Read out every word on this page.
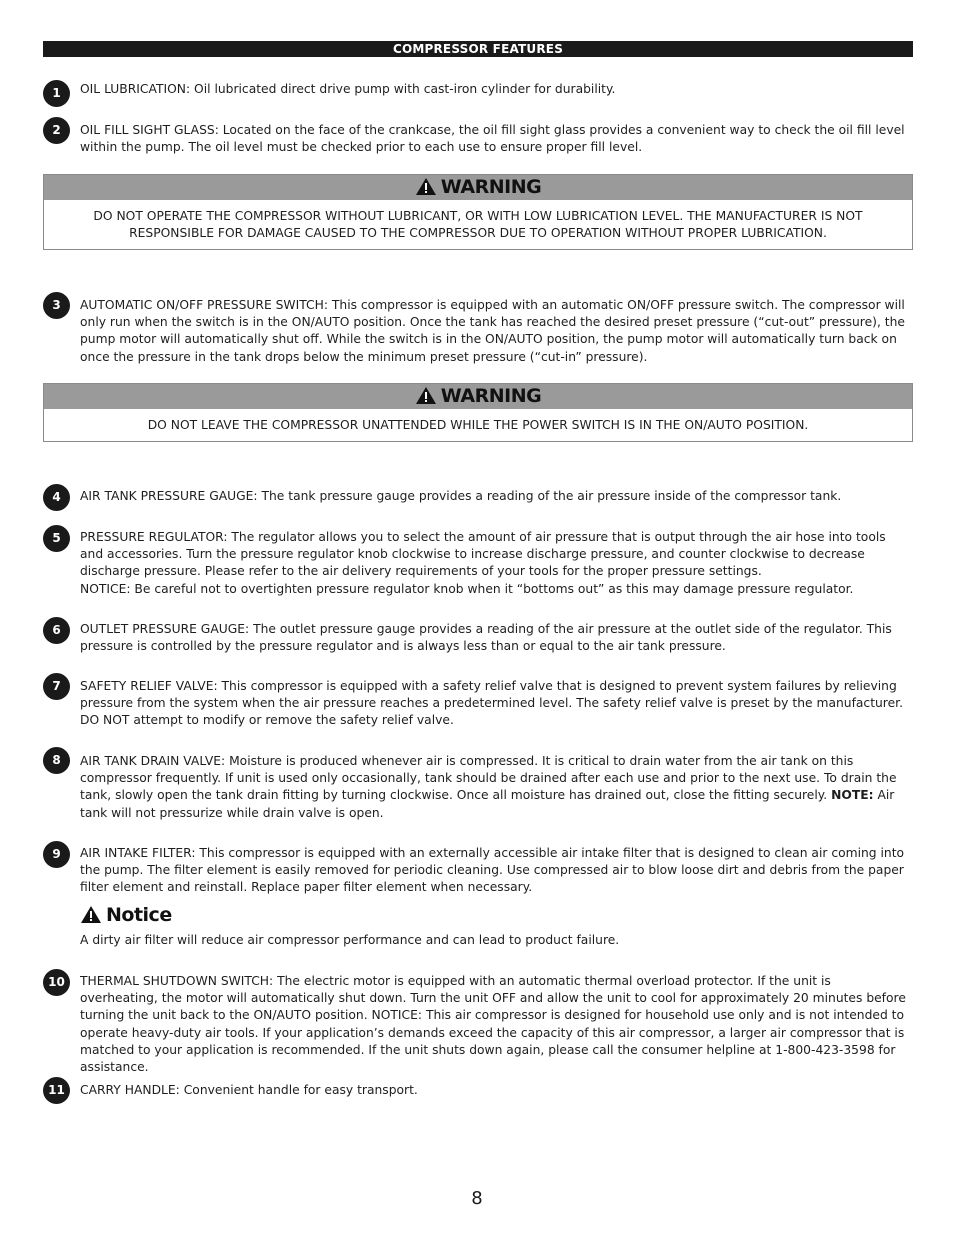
COMPRESSOR FEATURES
1	OIL LUBRICATION: Oil lubricated direct drive pump with cast-iron cylinder for durability.

2	OIL FILL SIGHT GLASS: Located on the face of the crankcase, the oil fill sight glass provides a convenient way to check the oil fill level within the pump. The oil level must be checked prior to each use to ensure proper fill level.

WARNING
DO NOT OPERATE THE COMPRESSOR WITHOUT LUBRICANT, OR WITH LOW LUBRICATION LEVEL. THE MANUFACTURER IS NOT RESPONSIBLE FOR DAMAGE CAUSED TO THE COMPRESSOR DUE TO OPERATION WITHOUT PROPER LUBRICATION.
3	AUTOMATIC ON/OFF PRESSURE SWITCH: This compressor is equipped with an automatic ON/OFF pressure switch. The compressor will only run when the switch is in the ON/AUTO position. Once the tank has reached the desired preset pressure (“cut-out” pressure), the pump motor will automatically shut off. While the switch is in the ON/AUTO position, the pump motor will automatically turn back on once the pressure in the tank drops below the minimum preset pressure (“cut-in” pressure).

WARNING
DO NOT LEAVE THE COMPRESSOR UNATTENDED WHILE THE POWER SWITCH IS IN THE ON/AUTO POSITION.
4	AIR TANK PRESSURE GAUGE: The tank pressure gauge provides a reading of the air pressure inside of the compressor tank.

5	PRESSURE REGULATOR: The regulator allows you to select the amount of air pressure that is output through the air hose into tools and accessories. Turn the pressure regulator knob clockwise to increase discharge pressure, and counter clockwise to decrease discharge pressure. Please refer to the air delivery requirements of your tools for the proper pressure settings.
NOTICE: Be careful not to overtighten pressure regulator knob when it “bottoms out” as this may damage pressure regulator.

6	OUTLET PRESSURE GAUGE: The outlet pressure gauge provides a reading of the air pressure at the outlet side of the regulator. This pressure is controlled by the pressure regulator and is always less than or equal to the air tank pressure.

7	SAFETY RELIEF VALVE: This compressor is equipped with a safety relief valve that is designed to prevent system failures by relieving pressure from the system when the air pressure reaches a predetermined level. The safety relief valve is preset by the manufacturer.
DO NOT attempt to modify or remove the safety relief valve.

8	AIR TANK DRAIN VALVE: Moisture is produced whenever air is compressed. It is critical to drain water from the air tank on this compressor frequently. If unit is used only occasionally, tank should be drained after each use and prior to the next use. To drain the tank, slowly open the tank drain fitting by turning clockwise. Once all moisture has drained out, close the fitting securely. NOTE: Air tank will not pressurize while drain valve is open.

9	AIR INTAKE FILTER: This compressor is equipped with an externally accessible air intake filter that is designed to clean air coming into the pump. The filter element is easily removed for periodic cleaning. Use compressed air to blow loose dirt and debris from the paper filter element and reinstall. Replace paper filter element when necessary.

Notice

A dirty air filter will reduce air compressor performance and can lead to product failure.

10	THERMAL SHUTDOWN SWITCH: The electric motor is equipped with an automatic thermal overload protector. If the unit is overheating, the motor will automatically shut down. Turn the unit OFF and allow the unit to cool for approximately 20 minutes before turning the unit back to the ON/AUTO position. NOTICE: This air compressor is designed for household use only and is not intended to operate heavy-duty air tools. If your application’s demands exceed the capacity of this air compressor, a larger air compressor that is matched to your application is recommended. If the unit shuts down again, please call the consumer helpline at 1-800-423-3598 for assistance.

11	CARRY HANDLE: Convenient handle for easy transport.

8
